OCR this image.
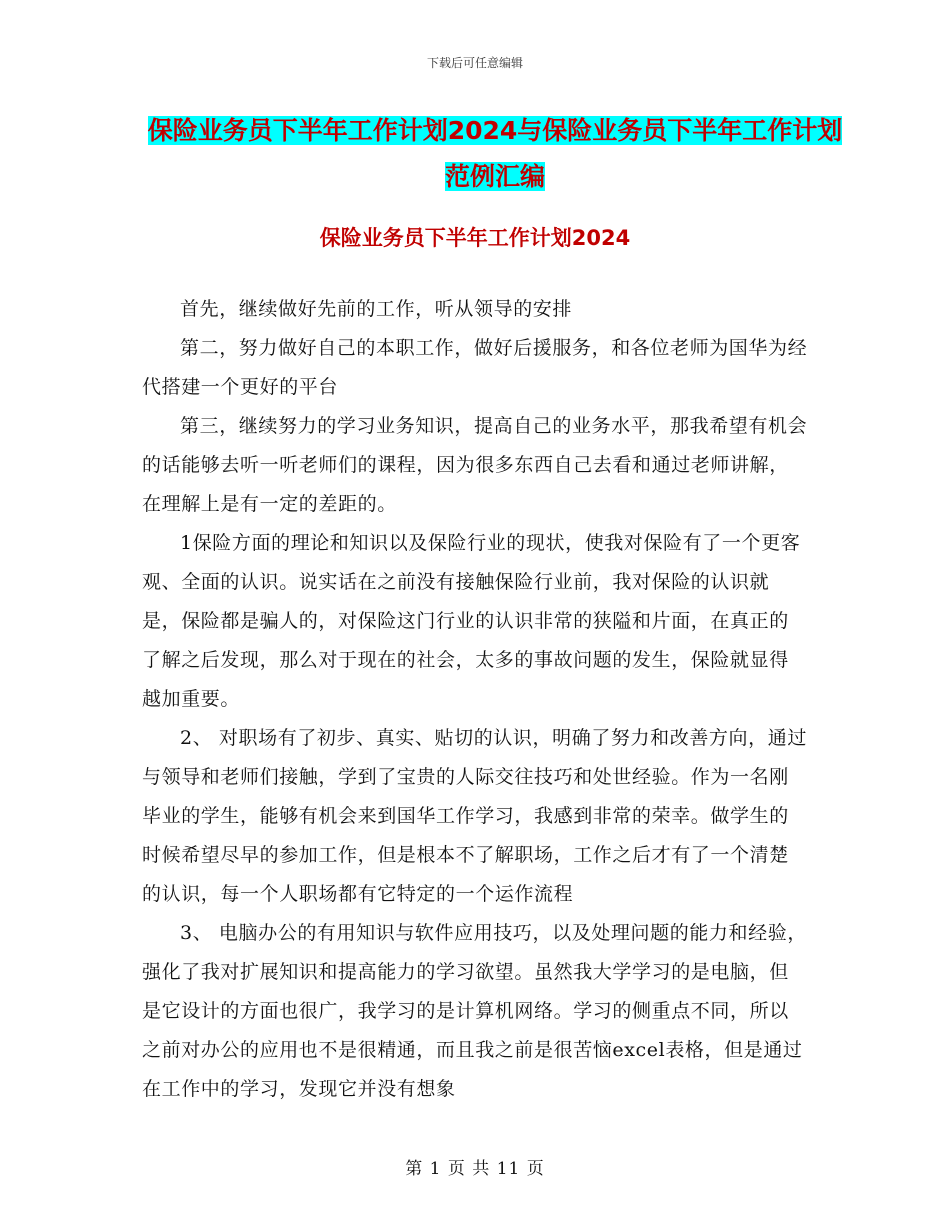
下载后可任意编辑
保险业务员下半年工作计划2024与保险业务员下半年工作计划范例汇编
保险业务员下半年工作计划2024

首先，继续做好先前的工作，听从领导的安排

第二，努力做好自己的本职工作，做好后援服务，和各位老师为国华为经代搭建一个更好的平台

第三，继续努力的学习业务知识，提高自己的业务水平，那我希望有机会的话能够去听一听老师们的课程，因为很多东西自己去看和通过老师讲解，在理解上是有一定的差距的。

1保险方面的理论和知识以及保险行业的现状，使我对保险有了一个更客观、全面的认识。说实话在之前没有接触保险行业前，我对保险的认识就是，保险都是骗人的，对保险这门行业的认识非常的狭隘和片面，在真正的了解之后发现，那么对于现在的社会，太多的事故问题的发生，保险就显得越加重要。

2、 对职场有了初步、真实、贴切的认识，明确了努力和改善方向，通过与领导和老师们接触，学到了宝贵的人际交往技巧和处世经验。作为一名刚毕业的学生，能够有机会来到国华工作学习，我感到非常的荣幸。做学生的时候希望尽早的参加工作，但是根本不了解职场，工作之后才有了一个清楚的认识，每一个人职场都有它特定的一个运作流程

3、 电脑办公的有用知识与软件应用技巧，以及处理问题的能力和经验，强化了我对扩展知识和提高能力的学习欲望。虽然我大学学习的是电脑，但是它设计的方面也很广，我学习的是计算机网络。学习的侧重点不同，所以之前对办公的应用也不是很精通，而且我之前是很苦恼excel表格，但是通过在工作中的学习，发现它并没有想象

第 1 页 共 11 页
